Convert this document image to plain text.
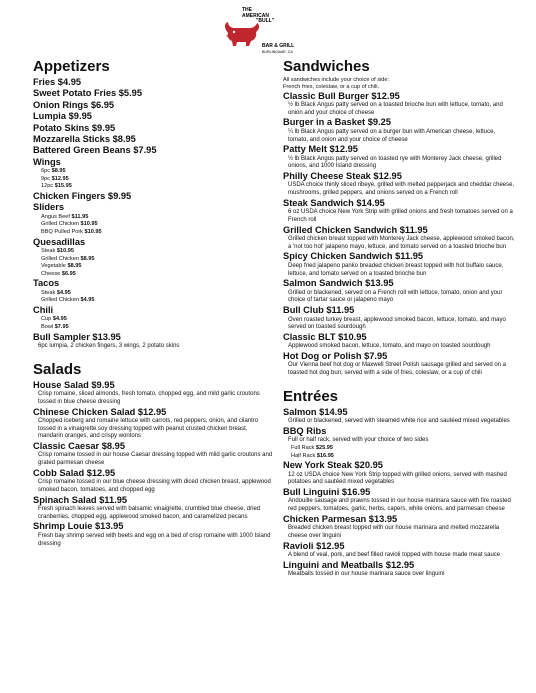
THE
AMERICAN
"BULL"
BAR & GRILL
BURLINGAME, CA
Appetizers
Fries $4.95
Sweet Potato Fries $5.95
Onion Rings $6.95
Lumpia $9.95
Potato Skins $9.95
Mozzarella Sticks $8.95
Battered Green Beans $7.95
Wings
6pc $8.95
9pc $12.95
12pc $15.95
Chicken Fingers $9.95
Sliders
Angus Beef $11.95
Grilled Chicken $10.95
BBQ Pulled Pork $10.95
Quesadillas
Steak $10.95
Grilled Chicken $8.95
Vegetable $8.95
Cheese $6.95
Tacos
Steak $4.95
Grilled Chicken $4.95
Chili
Cup $4.95
Bowl $7.95
Bull Sampler $13.95
6pc lumpia, 2 chicken fingers, 3 wings, 2 potato skins
Salads
House Salad $9.95
Crisp romaine, sliced almonds, fresh tomato, chopped egg, and mild garlic croutons tossed in blue cheese dressing
Chinese Chicken Salad $12.95
Chopped iceberg and romaine lettuce with carrots, red peppers, onion, and cilantro tossed in a vinaigrette soy dressing topped with peanut crusted chicken breast, mandarin oranges, and crispy wontons
Classic Caesar $8.95
Crisp romaine tossed in our house Caesar dressing topped with mild garlic croutons and grated parmesan cheese
Cobb Salad $12.95
Crisp romaine tossed in our blue cheese dressing with diced chicken breast, applewood smoked bacon, tomatoes, and chopped egg
Spinach Salad $11.95
Fresh spinach leaves served with balsamic vinaigrette, crumbled blue cheese, dried cranberries, chopped egg, applewood smoked bacon, and caramelized pecans
Shrimp Louie $13.95
Fresh bay shrimp served with beets and egg on a bed of crisp romaine with 1000 Island dressing
Sandwiches
All sandwiches include your choice of side:
French fries, coleslaw, or a cup of chili.
Classic Bull Burger $12.95
½ lb Black Angus patty served on a toasted brioche bun with lettuce, tomato, and onion and your choice of cheese
Burger in a Basket $9.25
¼ lb Black Angus patty served on a burger bun with American cheese, lettuce, tomato, and onion and your choice of cheese
Patty Melt $12.95
½ lb Black Angus patty served on toasted rye with Monterey Jack cheese, grilled onions, and 1000 Island dressing
Philly Cheese Steak $12.95
USDA choice thinly sliced ribeye, grilled with melted pepperjack and cheddar cheese, mushrooms, grilled peppers, and onions served on a French roll
Steak Sandwich $14.95
6 oz USDA choice New York Strip with grilled onions and fresh tomatoes served on a French roll
Grilled Chicken Sandwich $11.95
Grilled chicken breast topped with Monterey Jack cheese, applewood smoked bacon, a 'not too hot' jalapeno mayo, lettuce, and tomato served on a toasted brioche bun
Spicy Chicken Sandwich $11.95
Deep fried jalapeno panko breaded chicken breast topped with hot buffalo sauce, lettuce, and tomato served on a toasted brioche bun
Salmon Sandwich $13.95
Grilled or blackened, served on a French roll with lettuce, tomato, onion and your choice of tartar sauce or jalapeno mayo
Bull Club $11.95
Oven roasted turkey breast, applewood smoked bacon, lettuce, tomato, and mayo served on toasted sourdough
Classic BLT $10.95
Applewood smoked bacon, lettuce, tomato, and mayo on toasted sourdough
Hot Dog or Polish $7.95
Our Vienna beef hot dog or Maxwell Street Polish sausage grilled and served on a toasted hot dog bun, served with a side of fries, coleslaw, or a cup of chili
Entrées
Salmon $14.95
Grilled or blackened, served with steamed white rice and sautéed mixed vegetables
BBQ Ribs
Full or half rack, served with your choice of two sides
Full Rack $25.95
Half Rack $16.95
New York Steak $20.95
12 oz USDA choice New York Strip topped with grilled onions, served with mashed potatoes and sautéed mixed vegetables
Bull Linguini $16.95
Andouille sausage and prawns tossed in our house marinara sauce with fire roasted red peppers, tomatoes, garlic, herbs, capers, white onions, and parmesan cheese
Chicken Parmesan $13.95
Breaded chicken breast topped with our house marinara and melted mozzarella cheese over linguini
Ravioli $12.95
A blend of veal, pork, and beef filled ravioli topped with house made meat sauce
Linguini and Meatballs $12.95
Meatballs tossed in our house marinara sauce over linguini
